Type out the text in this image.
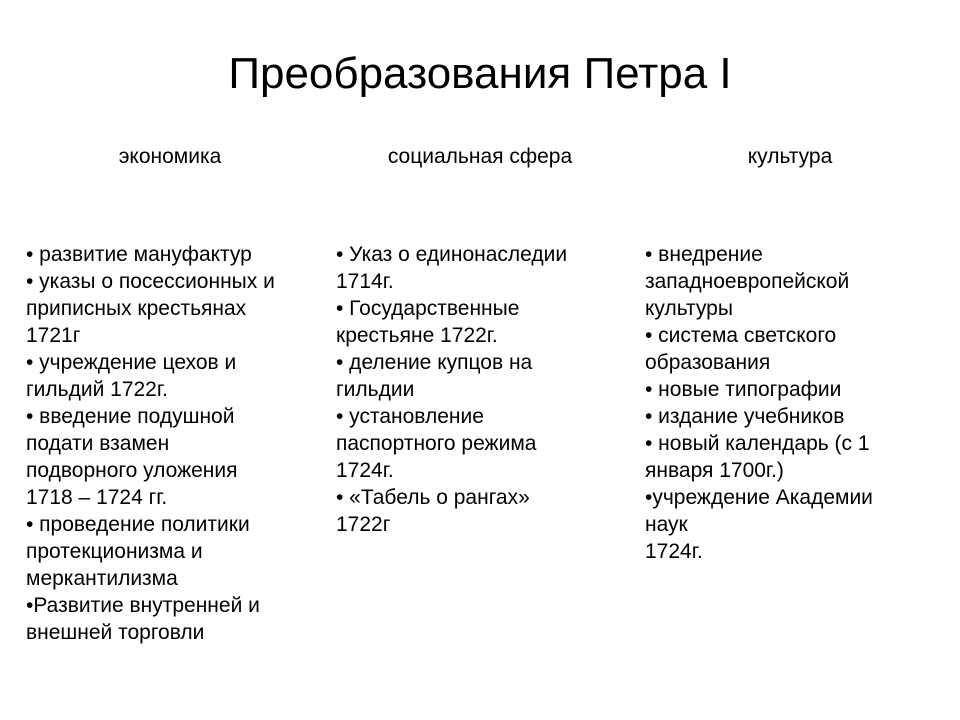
Преобразования Петра I
экономика	социальная сфера	культура
• развитие мануфактур
• указы о посессионных и
приписных крестьянах
1721г
• учреждение цехов и
гильдий 1722г.
• введение подушной
подати взамен
подворного уложения
1718 – 1724 гг.
• проведение политики
протекционизма и
меркантилизма
•Развитие внутренней и
внешней торговли
• Указ о единонаследии
1714г.
• Государственные
крестьяне 1722г.
• деление купцов на
гильдии
• установление
паспортного режима
1724г.
• «Табель о рангах»
1722г
• внедрение
западноевропейской
культуры
• система светского
образования
• новые типографии
• издание учебников
• новый календарь (с 1
января 1700г.)
•учреждение Академии
наук
1724г.
